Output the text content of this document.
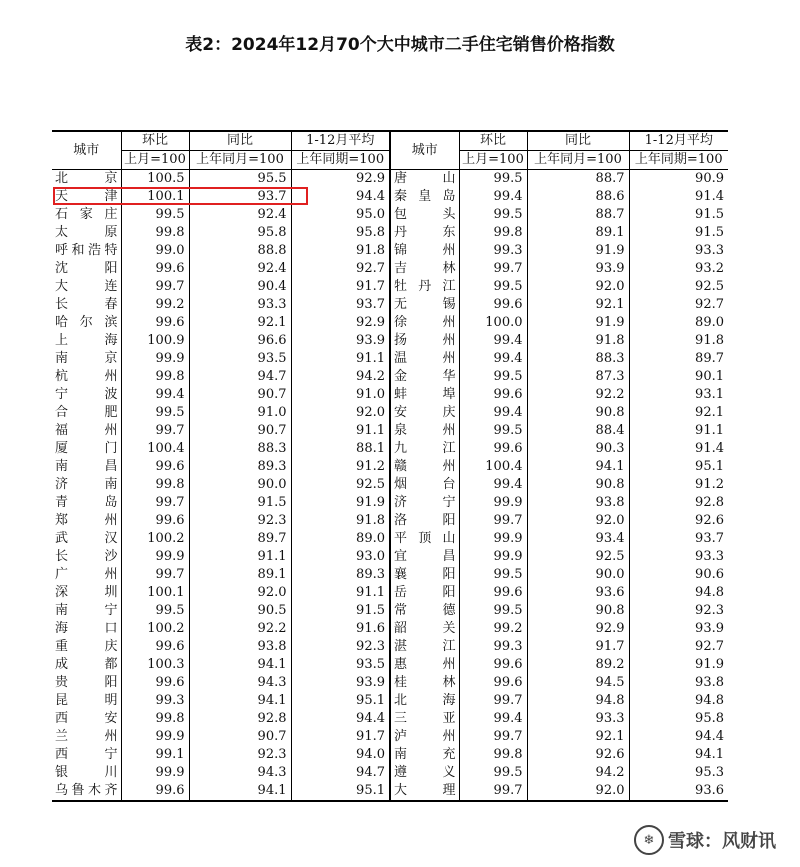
表2：2024年12月70个大中城市二手住宅销售价格指数
城市	环比	同比	1-12月平均	城市	环比	同比	1-12月平均
	上月=100	上年同月=100	上年同期=100		上月=100	上年同月=100	上年同期=100
北京	100.5	95.5	92.9	唐山	99.5	88.7	90.9
天津	100.1	93.7	94.4	秦皇岛	99.4	88.6	91.4
石家庄	99.5	92.4	95.0	包头	99.5	88.7	91.5
太原	99.8	95.8	95.8	丹东	99.8	89.1	91.5
呼和浩特	99.0	88.8	91.8	锦州	99.3	91.9	93.3
沈阳	99.6	92.4	92.7	吉林	99.7	93.9	93.2
大连	99.7	90.4	91.7	牡丹江	99.5	92.0	92.5
长春	99.2	93.3	93.7	无锡	99.6	92.1	92.7
哈尔滨	99.6	92.1	92.9	徐州	100.0	91.9	89.0
上海	100.9	96.6	93.9	扬州	99.4	91.8	91.8
南京	99.9	93.5	91.1	温州	99.4	88.3	89.7
杭州	99.8	94.7	94.2	金华	99.5	87.3	90.1
宁波	99.4	90.7	91.0	蚌埠	99.6	92.2	93.1
合肥	99.5	91.0	92.0	安庆	99.4	90.8	92.1
福州	99.7	90.7	91.1	泉州	99.5	88.4	91.1
厦门	100.4	88.3	88.1	九江	99.6	90.3	91.4
南昌	99.6	89.3	91.2	赣州	100.4	94.1	95.1
济南	99.8	90.0	92.5	烟台	99.4	90.8	91.2
青岛	99.7	91.5	91.9	济宁	99.9	93.8	92.8
郑州	99.6	92.3	91.8	洛阳	99.7	92.0	92.6
武汉	100.2	89.7	89.0	平顶山	99.9	93.4	93.7
长沙	99.9	91.1	93.0	宜昌	99.9	92.5	93.3
广州	99.7	89.1	89.3	襄阳	99.5	90.0	90.6
深圳	100.1	92.0	91.1	岳阳	99.6	93.6	94.8
南宁	99.5	90.5	91.5	常德	99.5	90.8	92.3
海口	100.2	92.2	91.6	韶关	99.2	92.9	93.9
重庆	99.6	93.8	92.3	湛江	99.3	91.7	92.7
成都	100.3	94.1	93.5	惠州	99.6	89.2	91.9
贵阳	99.6	94.3	93.9	桂林	99.6	94.5	93.8
昆明	99.3	94.1	95.1	北海	99.7	94.8	94.8
西安	99.8	92.8	94.4	三亚	99.4	93.3	95.8
兰州	99.9	90.7	91.7	泸州	99.7	92.1	94.4
西宁	99.1	92.3	94.0	南充	99.8	92.6	94.1
银川	99.9	94.3	94.7	遵义	99.5	94.2	95.3
乌鲁木齐	99.6	94.1	95.1	大理	99.7	92.0	93.6
❄ 雪球：风财讯
